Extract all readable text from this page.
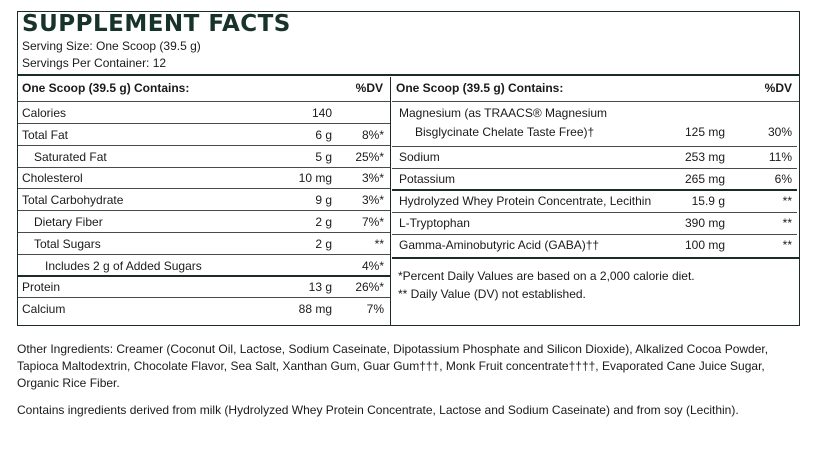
SUPPLEMENT FACTS
Serving Size: One Scoop (39.5 g)
Servings Per Container: 12
One Scoop (39.5 g) Contains:	%DV
Calories	140
Total Fat	6 g 8%*
Saturated Fat	5 g 25%*
Cholesterol	10 mg 3%*
Total Carbohydrate	9 g 3%*
Dietary Fiber	2 g 7%*
Total Sugars	2 g	**
Includes 2 g of Added Sugars	4%*
Protein	13 g 26%*
Calcium	88 mg	7%
One Scoop (39.5 g) Contains:	%DV
Magnesium (as TRAACS® Magnesium
Bisglycinate Chelate Taste Free)†	125 mg	30%
Sodium	253 mg	11%
Potassium	265 mg	6%
Hydrolyzed Whey Protein Concentrate, Lecithin	15.9 g	**
L-Tryptophan	390 mg	**
Gamma-Aminobutyric Acid (GABA)††	100 mg	**
*Percent Daily Values are based on a 2,000 calorie diet.
** Daily Value (DV) not established.
Other Ingredients: Creamer (Coconut Oil, Lactose, Sodium Caseinate, Dipotassium Phosphate and Silicon Dioxide), Alkalized Cocoa Powder,
Tapioca Maltodextrin, Chocolate Flavor, Sea Salt, Xanthan Gum, Guar Gum†††, Monk Fruit concentrate††††, Evaporated Cane Juice Sugar,
Organic Rice Fiber.
Contains ingredients derived from milk (Hydrolyzed Whey Protein Concentrate, Lactose and Sodium Caseinate) and from soy (Lecithin).
